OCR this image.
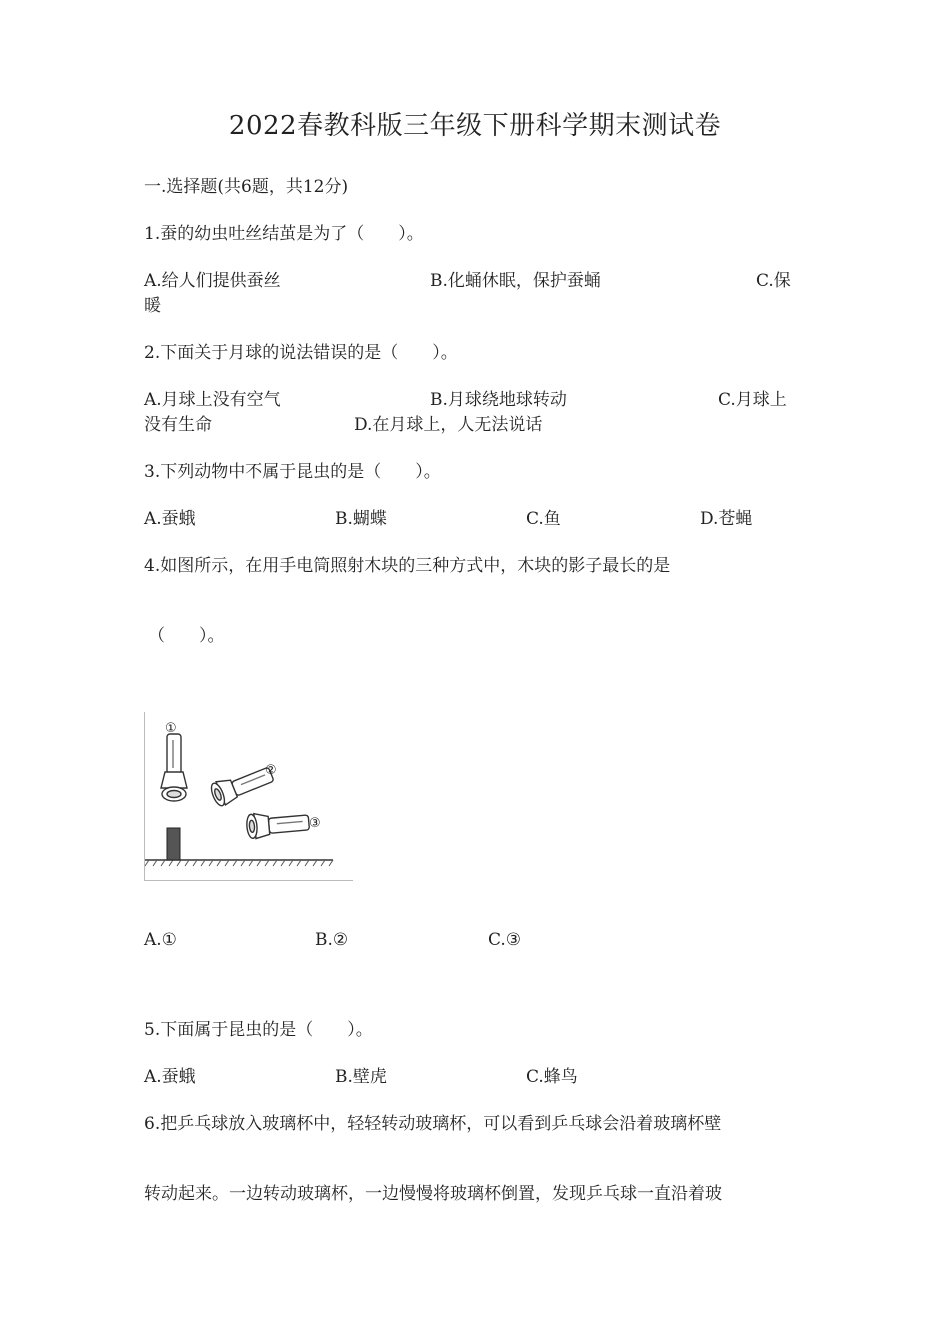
2022春教科版三年级下册科学期末测试卷
一.选择题(共6题，共12分)
1.蚕的幼虫吐丝结茧是为了（　　）。
A.给人们提供蚕丝	B.化蛹休眠，保护蚕蛹	C.保
暖
2.下面关于月球的说法错误的是（　　）。
A.月球上没有空气	B.月球绕地球转动	C.月球上
没有生命	D.在月球上，人无法说话
3.下列动物中不属于昆虫的是（　　）。
A.蚕蛾	B.蝴蝶	C.鱼	D.苍蝇
4.如图所示，在用手电筒照射木块的三种方式中，木块的影子最长的是
（　　）。
①
②
③
A.①	B.②	C.③
5.下面属于昆虫的是（　　）。
A.蚕蛾	B.壁虎	C.蜂鸟
6.把乒乓球放入玻璃杯中，轻轻转动玻璃杯，可以看到乒乓球会沿着玻璃杯壁
转动起来。一边转动玻璃杯，一边慢慢将玻璃杯倒置，发现乒乓球一直沿着玻
